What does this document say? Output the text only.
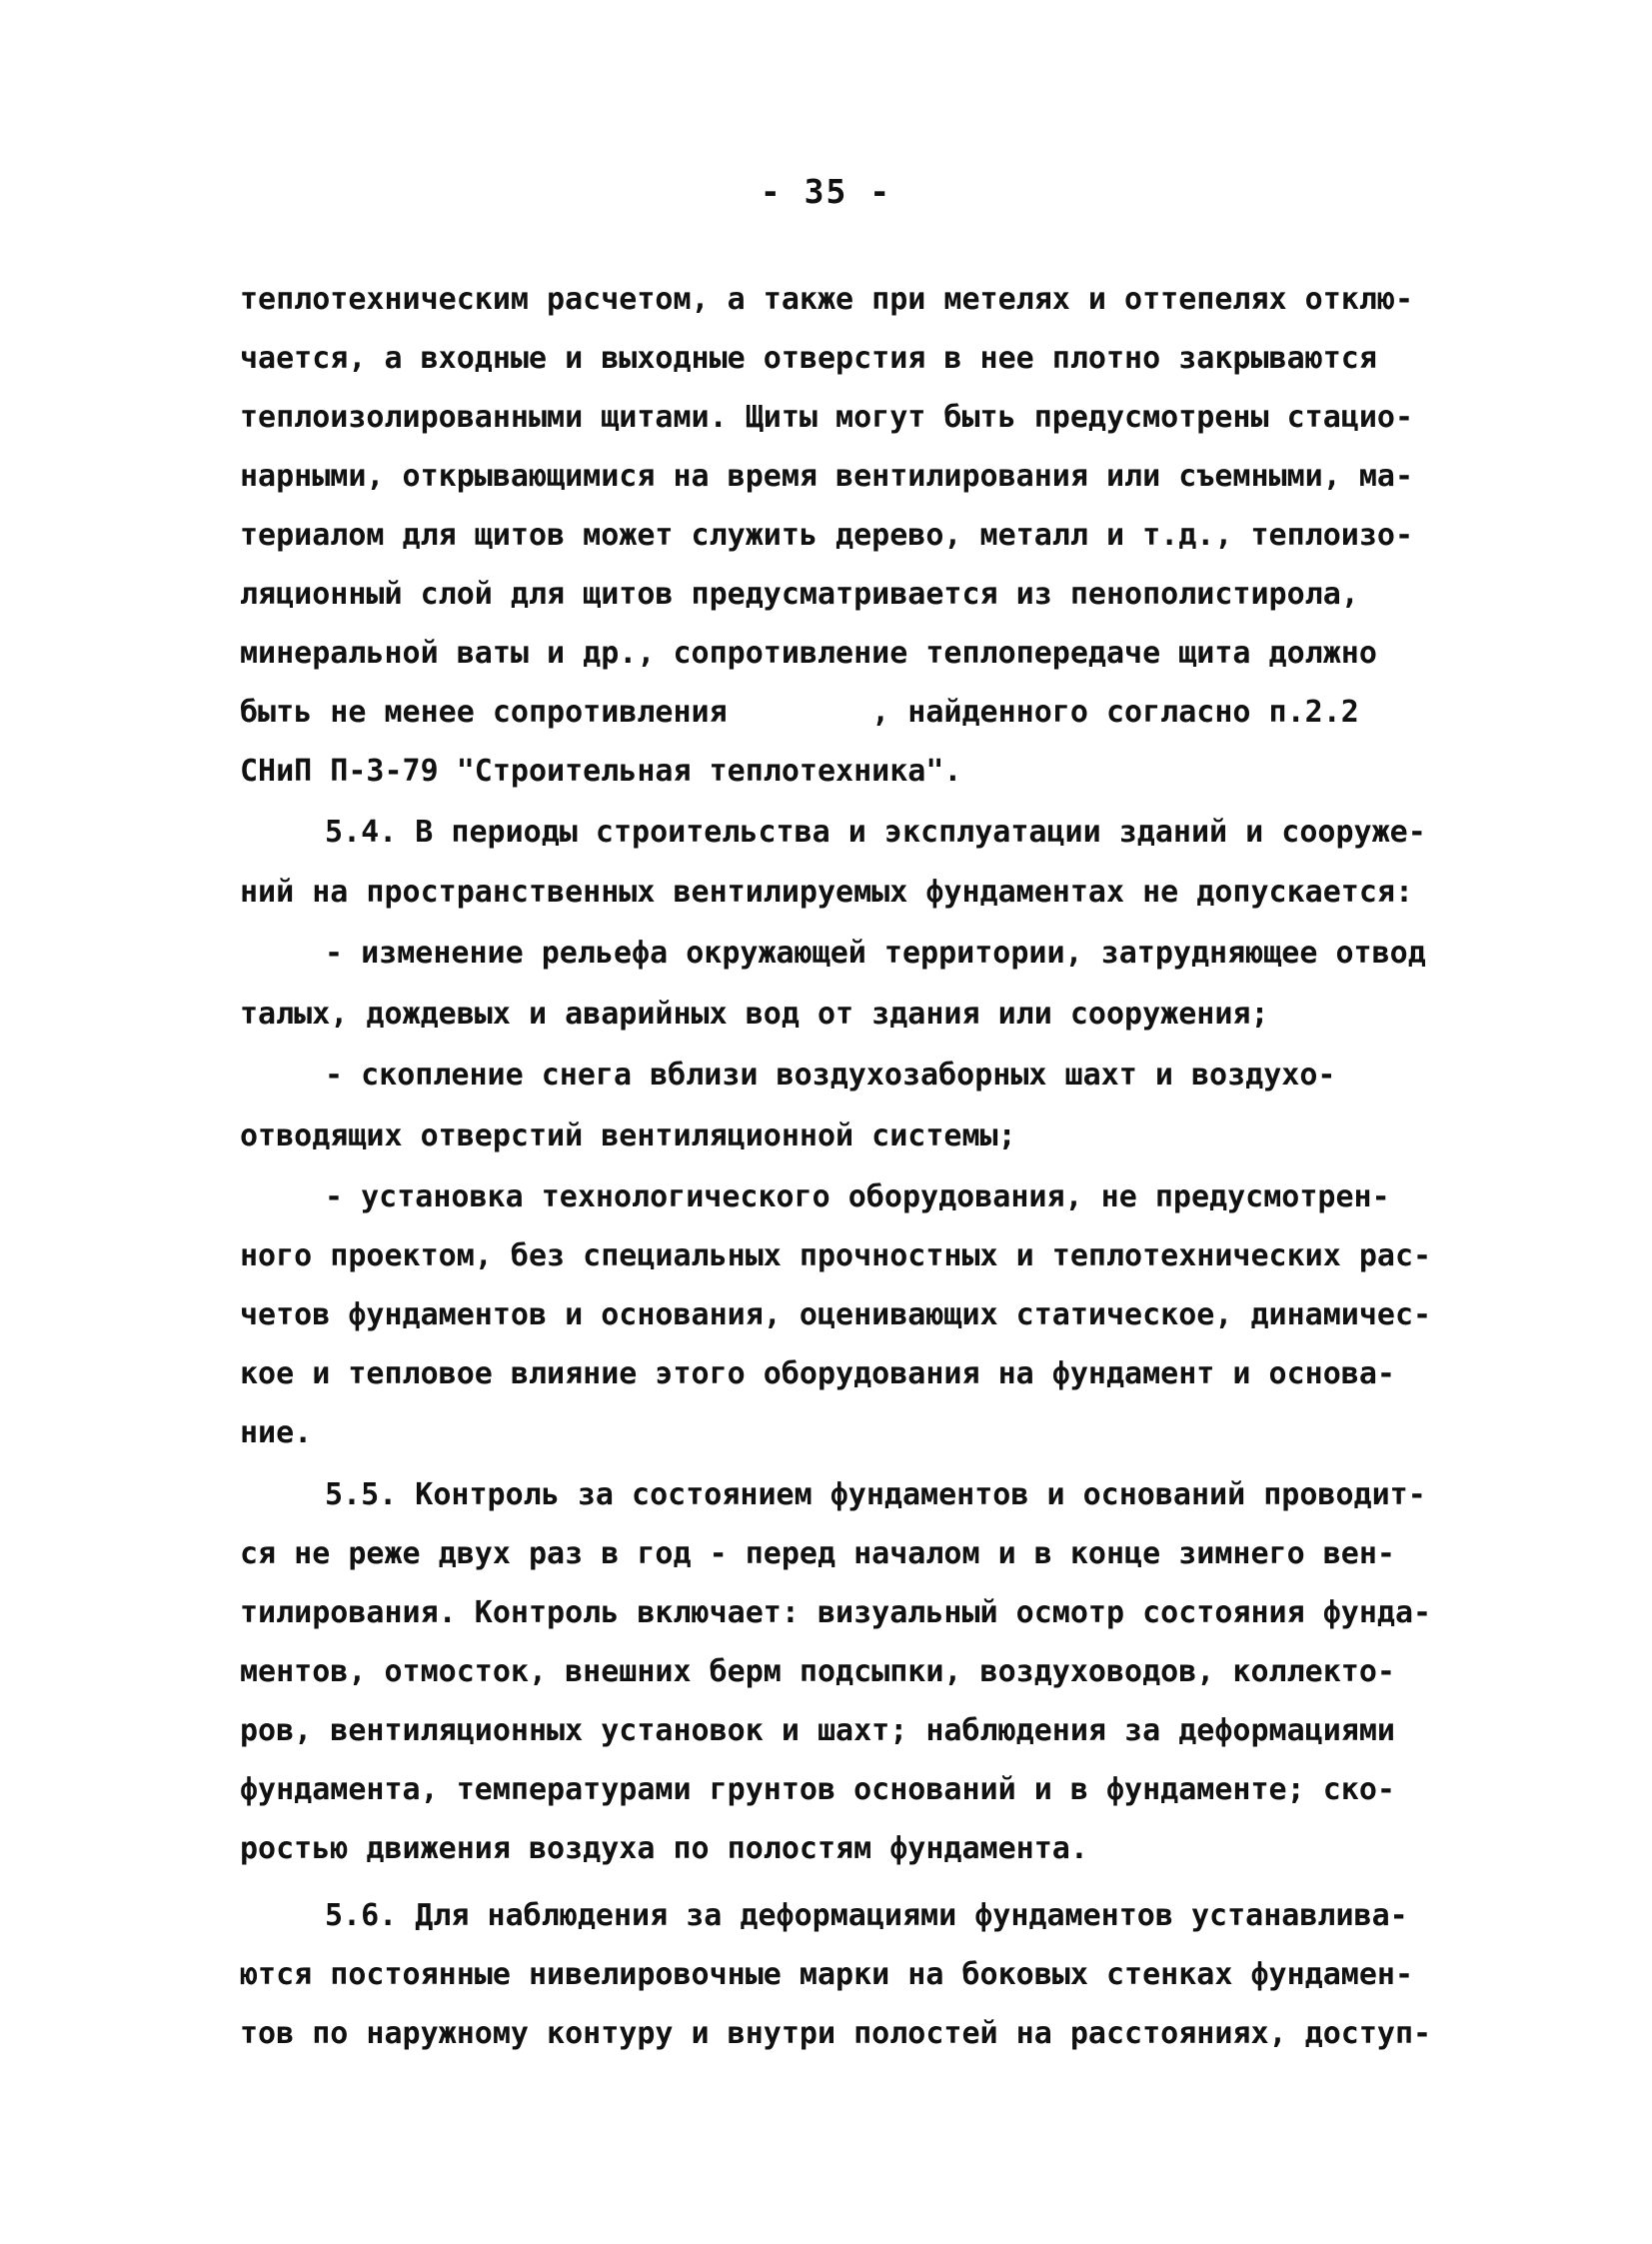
- 35 -
теплотехническим расчетом, а также при метелях и оттепелях отклю-
чается, а входные и выходные отверстия в нее плотно закрываются
теплоизолированными щитами. Щиты могут быть предусмотрены стацио-
нарными, открывающимися на время вентилирования или съемными, ма-
териалом для щитов может служить дерево, металл и т.д., теплоизо-
ляционный слой для щитов предусматривается из пенополистирола,
минеральной ваты и др., сопротивление теплопередаче щита должно
быть не менее сопротивления        , найденного согласно п.2.2
СНиП П-3-79 "Строительная теплотехника".
5.4. В периоды строительства и эксплуатации зданий и сооруже-
ний на пространственных вентилируемых фундаментах не допускается:
- изменение рельефа окружающей территории, затрудняющее отвод
талых, дождевых и аварийных вод от здания или сооружения;
- скопление снега вблизи воздухозаборных шахт и воздухо-
отводящих отверстий вентиляционной системы;
- установка технологического оборудования, не предусмотрен-
ного проектом, без специальных прочностных и теплотехнических рас-
четов фундаментов и основания, оценивающих статическое, динамичес-
кое и тепловое влияние этого оборудования на фундамент и основа-
ние.
5.5. Контроль за состоянием фундаментов и оснований проводит-
ся не реже двух раз в год - перед началом и в конце зимнего вен-
тилирования. Контроль включает: визуальный осмотр состояния фунда-
ментов, отмосток, внешних берм подсыпки, воздуховодов, коллекто-
ров, вентиляционных установок и шахт; наблюдения за деформациями
фундамента, температурами грунтов оснований и в фундаменте; ско-
ростью движения воздуха по полостям фундамента.
5.6. Для наблюдения за деформациями фундаментов устанавлива-
ются постоянные нивелировочные марки на боковых стенках фундамен-
тов по наружному контуру и внутри полостей на расстояниях, доступ-
